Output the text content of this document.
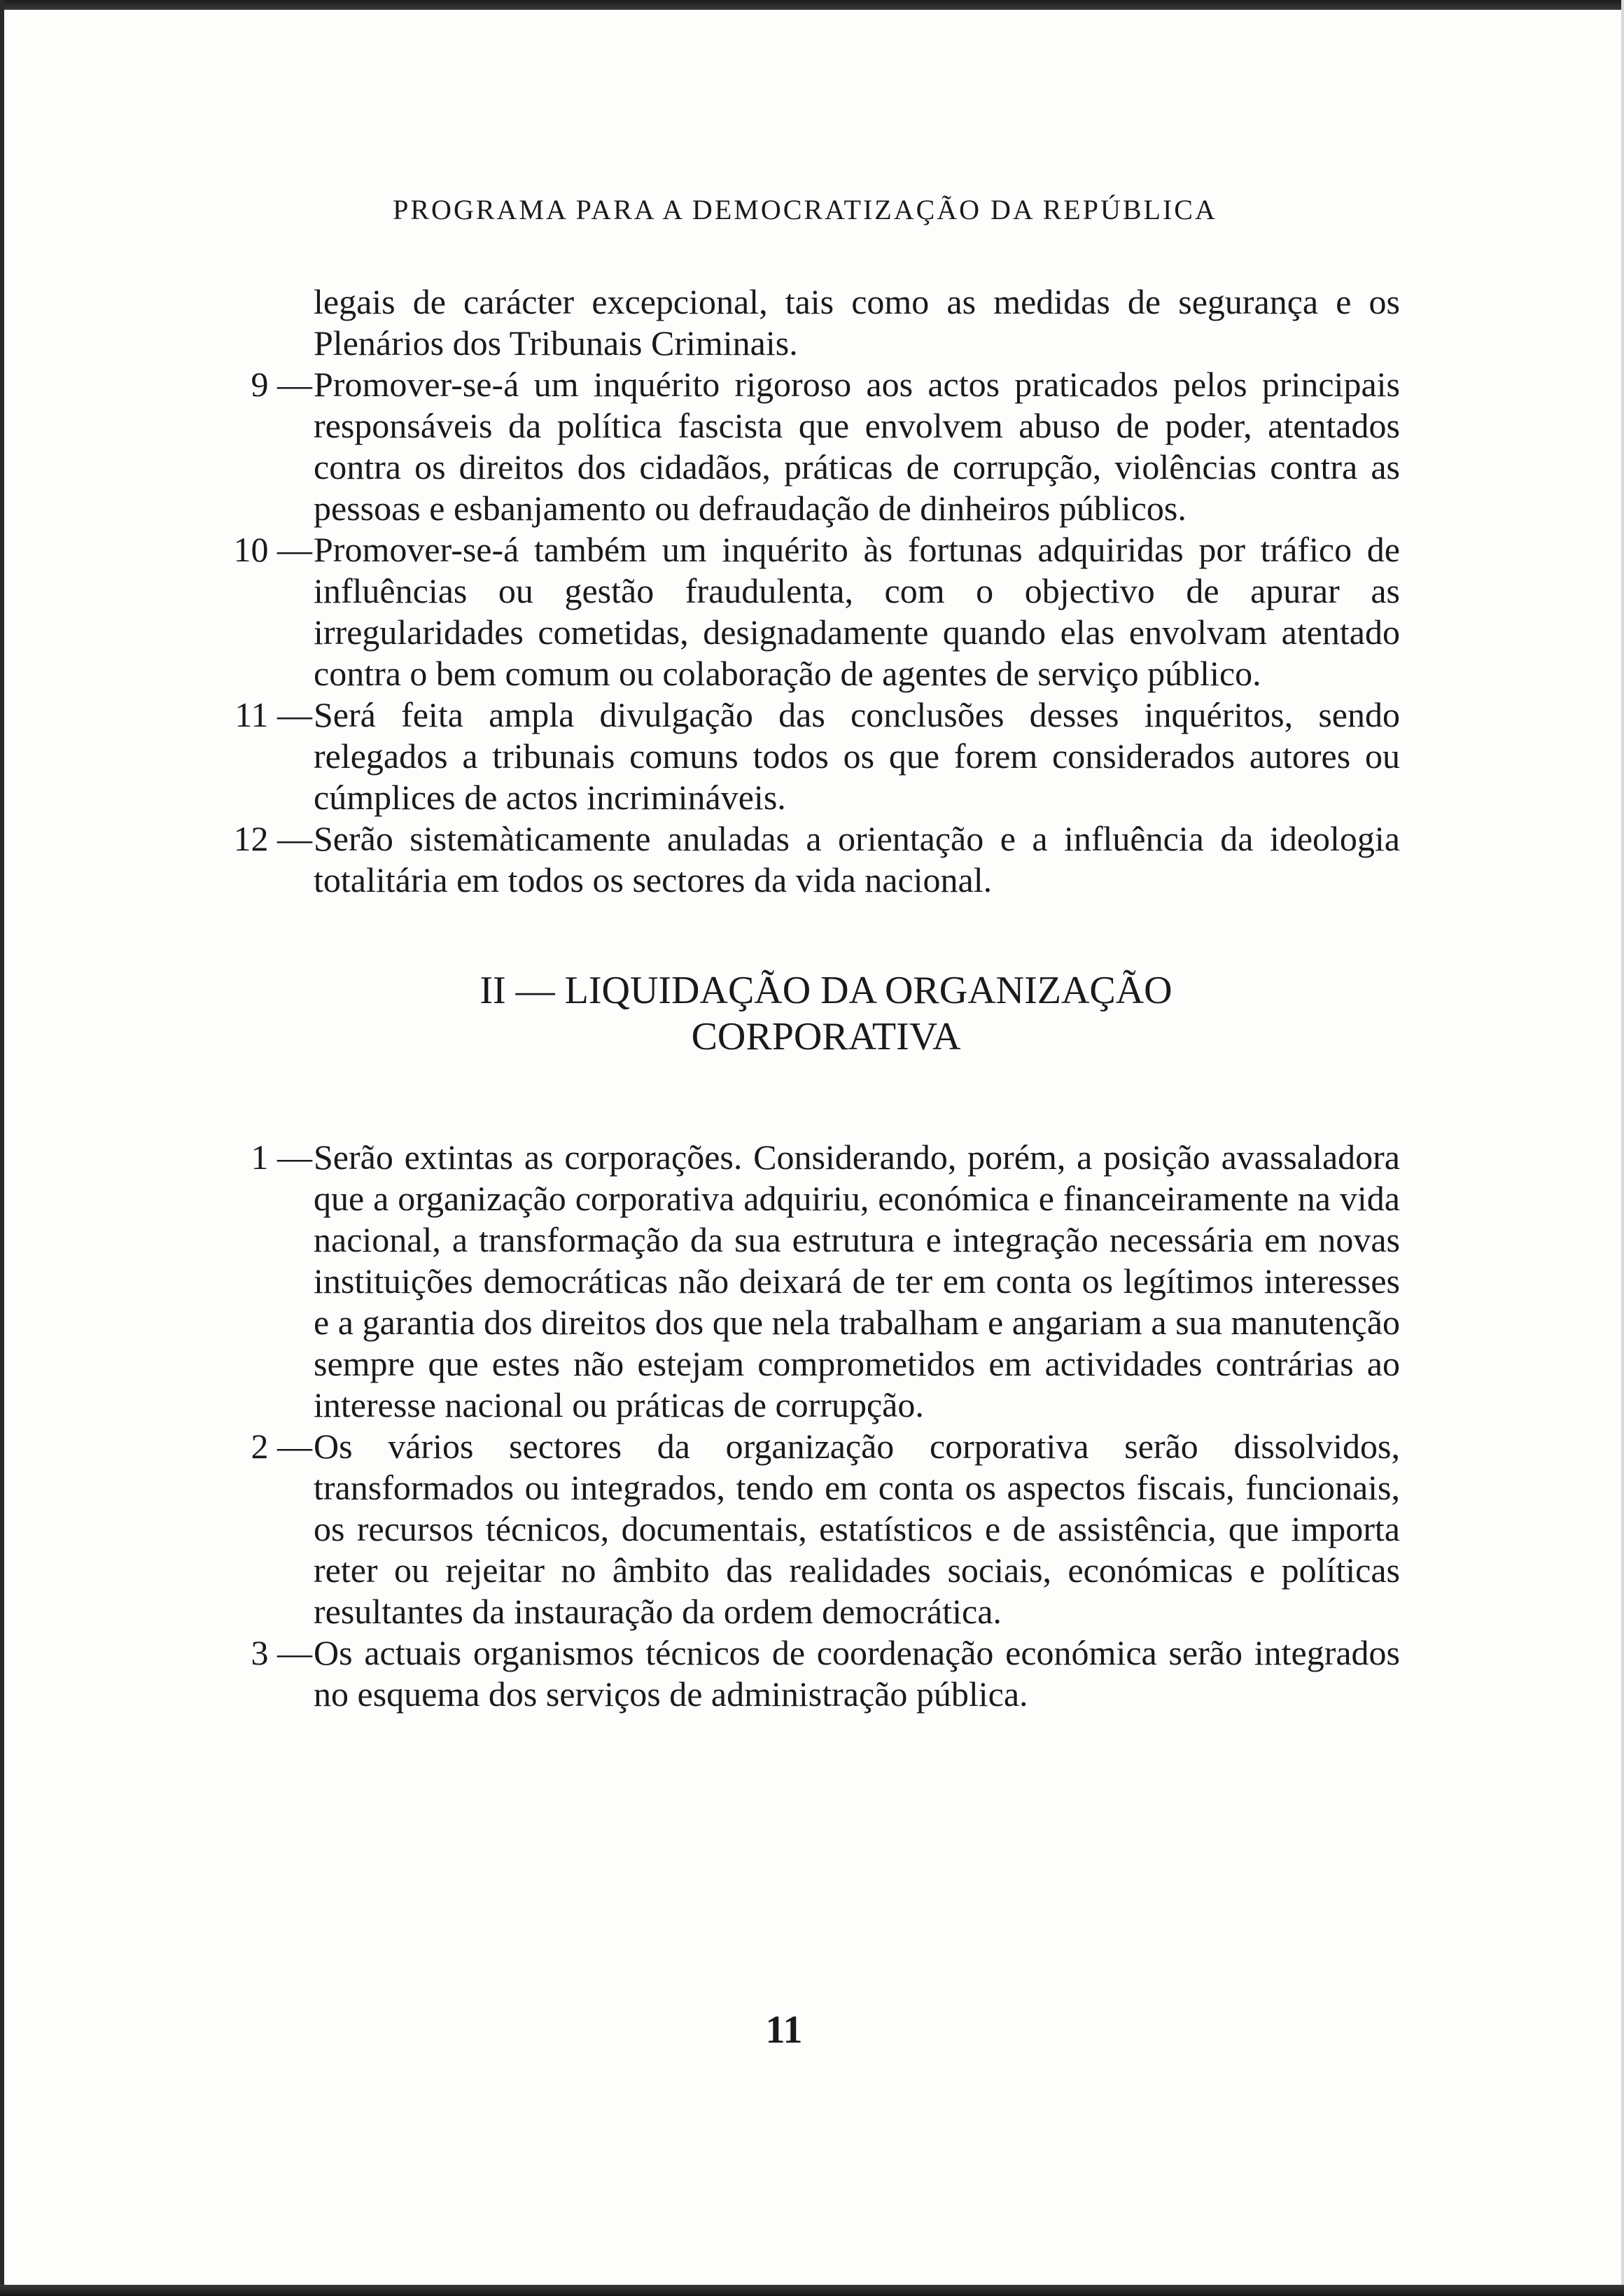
PROGRAMA PARA A DEMOCRATIZAÇÃO DA REPÚBLICA
legais de carácter excepcional, tais como as medidas de segurança e os Plenários dos Tribunais Criminais.
9 — Promover-se-á um inquérito rigoroso aos actos praticados pelos principais responsáveis da política fascista que envolvem abuso de poder, atentados contra os direitos dos cidadãos, práticas de corrupção, violências contra as pessoas e esbanjamento ou defraudação de dinheiros públicos.
10 — Promover-se-á também um inquérito às fortunas adquiridas por tráfico de influências ou gestão fraudulenta, com o objectivo de apurar as irregularidades cometidas, designadamente quando elas envolvam atentado contra o bem comum ou colaboração de agentes de serviço público.
11 — Será feita ampla divulgação das conclusões desses inquéritos, sendo relegados a tribunais comuns todos os que forem considerados autores ou cúmplices de actos incrimináveis.
12 — Serão sistemàticamente anuladas a orientação e a influência da ideologia totalitária em todos os sectores da vida nacional.
II — LIQUIDAÇÃO DA ORGANIZAÇÃO
CORPORATIVA
1 — Serão extintas as corporações. Considerando, porém, a posição avassaladora que a organização corporativa adquiriu, económica e financeiramente na vida nacional, a transformação da sua estrutura e integração necessária em novas instituições democráticas não deixará de ter em conta os legítimos interesses e a garantia dos direitos dos que nela trabalham e angariam a sua manutenção sempre que estes não estejam comprometidos em actividades contrárias ao interesse nacional ou práticas de corrupção.
2 — Os vários sectores da organização corporativa serão dissolvidos, transformados ou integrados, tendo em conta os aspectos fiscais, funcionais, os recursos técnicos, documentais, estatísticos e de assistência, que importa reter ou rejeitar no âmbito das realidades sociais, económicas e políticas resultantes da instauração da ordem democrática.
3 — Os actuais organismos técnicos de coordenação económica serão integrados no esquema dos serviços de administração pública.
11
